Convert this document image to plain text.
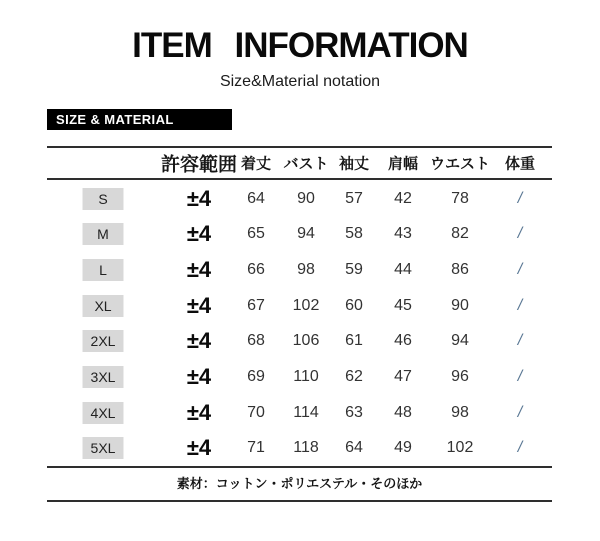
ITEM INFORMATION
Size&Material notation
SIZE & MATERIAL
許容範囲 着丈 バスト 袖丈 肩幅 ウエスト 体重
S	±4 64 90 57 42 78	/
M	±4 65 94 58 43 82	/
L	±4 66 98 59 44 86	/
XL	±4 67 102 60 45 90	/
2XL	±4 68 106 61 46 94	/
3XL	±4 69 110 62 47 96	/
4XL	±4 70 114 63 48 98	/
5XL	±4 71 118 64 49 102	/
素材：コットン・ポリエステル・そのほか
